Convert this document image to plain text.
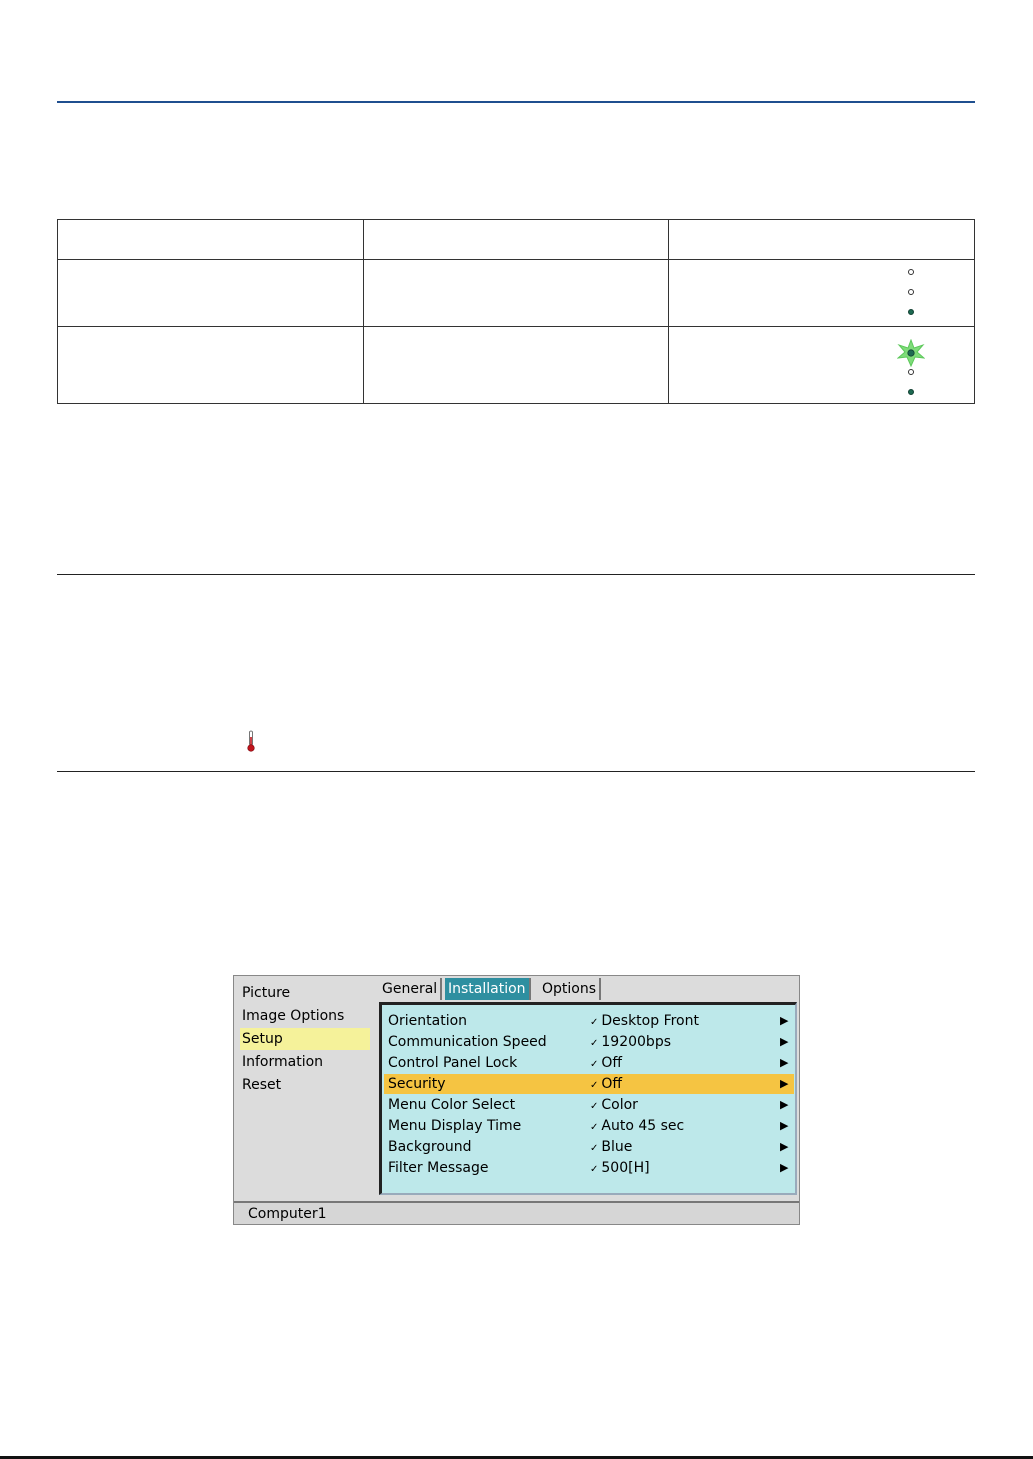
Picture
Image Options
Setup
Information
Reset
General Installation	Options
Orientation	✓ Desktop Front	▶
Communication Speed	✓ 19200bps	▶
Control Panel Lock	✓ Off	▶
Security	✓ Off	▶
Menu Color Select	✓ Color	▶
Menu Display Time	✓ Auto 45 sec	▶
Background	✓ Blue	▶
Filter Message	✓ 500[H]	▶
Computer1
